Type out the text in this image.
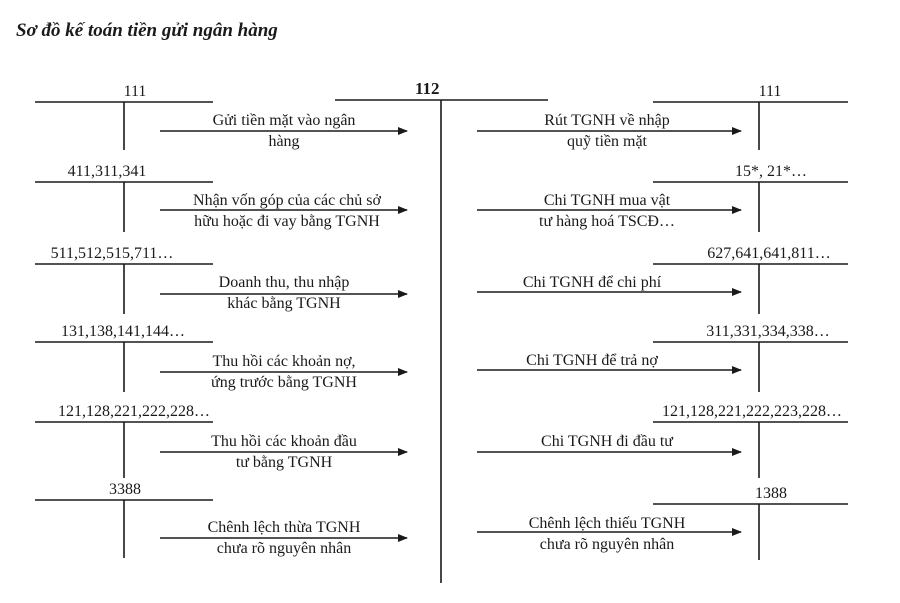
Sơ đồ kế toán tiền gửi ngân hàng
112
111
411,311,341
511,512,515,711…
131,138,141,144…
121,128,221,222,228…
3388
111
15*, 21*…
627,641,641,811…
311,331,334,338…
121,128,221,222,223,228…
1388
Gửi tiền mặt vào ngân
hàng
Nhận vốn góp của các chủ sở
hữu hoặc đi vay bằng TGNH
Doanh thu, thu nhập
khác bằng TGNH
Thu hồi các khoản nợ,
ứng trước bằng TGNH
Thu hồi các khoản đầu
tư bằng TGNH
Chênh lệch thừa TGNH
chưa rõ nguyên nhân
Rút TGNH về nhập
quỹ tiền mặt
Chi TGNH mua vật
tư hàng hoá TSCĐ…
Chi TGNH để chi phí
Chi TGNH để trả nợ
Chi TGNH đi đầu tư
Chênh lệch thiếu TGNH
chưa rõ nguyên nhân
